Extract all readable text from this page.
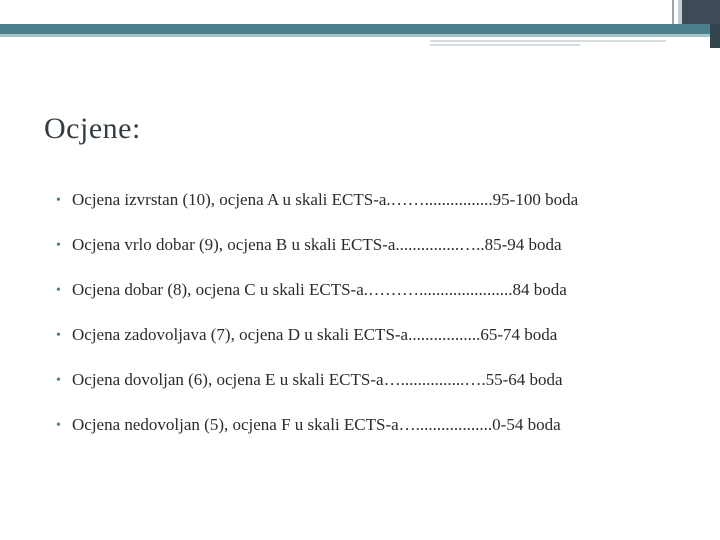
Ocjene:
• Ocjena izvrstan (10), ocjena A u skali ECTS-a.……................95-100 boda
• Ocjena vrlo dobar (9), ocjena B u skali ECTS-a...............…..85-94 boda
• Ocjena dobar (8), ocjena C u skali ECTS-a.………......................84 boda
• Ocjena zadovoljava (7), ocjena D u skali ECTS-a.................65-74 boda
• Ocjena dovoljan (6), ocjena E u skali ECTS-a…...............….55-64 boda
• Ocjena nedovoljan (5), ocjena F u skali ECTS-a…..................0-54 boda
